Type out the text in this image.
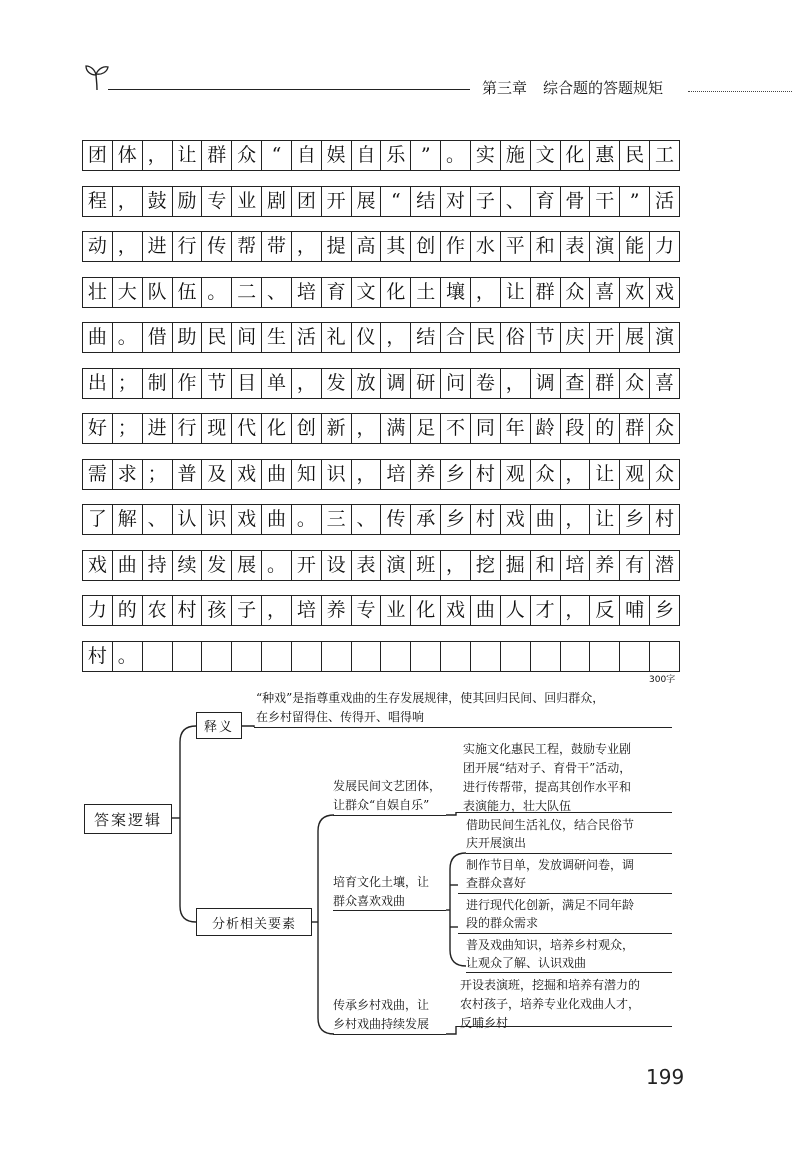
第三章 综合题的答题规矩
团 体 ， 让 群 众 “ 自 娱 自 乐 ” 。 实 施 文 化 惠 民 工
程 ， 鼓 励 专 业 剧 团 开 展 “ 结 对 子 、 育 骨 干 ” 活
动 ， 进 行 传 帮 带 ， 提 高 其 创 作 水 平 和 表 演 能 力
壮 大 队 伍 。 二 、 培 育 文 化 土 壤 ， 让 群 众 喜 欢 戏
曲 。 借 助 民 间 生 活 礼 仪 ， 结 合 民 俗 节 庆 开 展 演
出 ； 制 作 节 目 单 ， 发 放 调 研 问 卷 ， 调 查 群 众 喜
好 ； 进 行 现 代 化 创 新 ， 满 足 不 同 年 龄 段 的 群 众
需 求 ； 普 及 戏 曲 知 识 ， 培 养 乡 村 观 众 ， 让 观 众
了 解 、 认 识 戏 曲 。 三 、 传 承 乡 村 戏 曲 ， 让 乡 村
戏 曲 持 续 发 展 。 开 设 表 演 班 ， 挖 掘 和 培 养 有 潜
力 的 农 村 孩 子 ， 培 养 专 业 化 戏 曲 人 才 ， 反 哺 乡
村 。
300字
答案逻辑
释义
“种戏”是指尊重戏曲的生存发展规律，使其回归民间、回归群众，
在乡村留得住、传得开、唱得响
分析相关要素
发展民间文艺团体，
让群众“自娱自乐”
实施文化惠民工程，鼓励专业剧
团开展“结对子、育骨干”活动，
进行传帮带，提高其创作水平和
表演能力，壮大队伍
培育文化土壤，让
群众喜欢戏曲
借助民间生活礼仪，结合民俗节
庆开展演出
制作节目单，发放调研问卷，调
查群众喜好
进行现代化创新，满足不同年龄
段的群众需求
普及戏曲知识，培养乡村观众，
让观众了解、认识戏曲
传承乡村戏曲，让
乡村戏曲持续发展
开设表演班，挖掘和培养有潜力的
农村孩子，培养专业化戏曲人才，
反哺乡村
199
